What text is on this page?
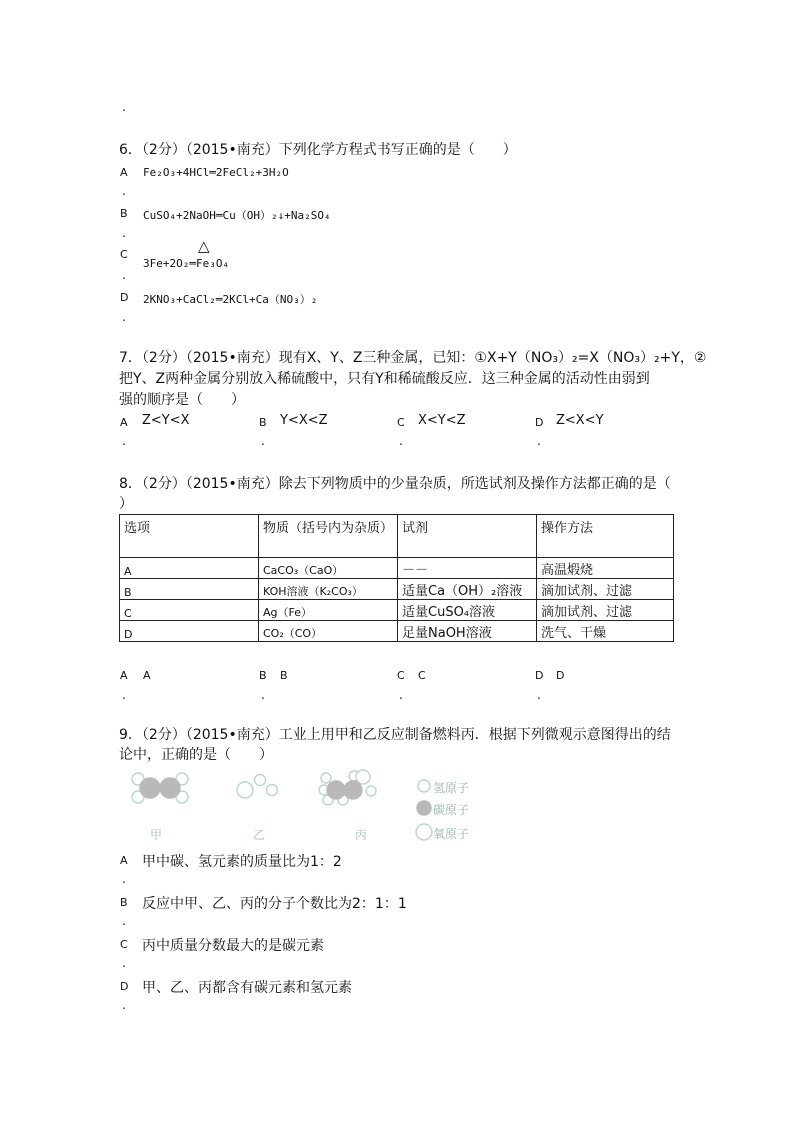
.
6．（2分）（2015•南充）下列化学方程式书写正确的是（　　）
A Fe₂O₃+4HCl═2FeCl₂+3H₂O
.
B CuSO₄+2NaOH═Cu（OH）₂↓+Na₂SO₄
.
C	△
3Fe+2O₂═Fe₃O₄
.
D 2KNO₃+CaCl₂═2KCl+Ca（NO₃）₂
.
7．（2分）（2015•南充）现有X、Y、Z三种金属，已知：①X+Y（NO₃）₂=X（NO₃）₂+Y，②
把Y、Z两种金属分别放入稀硫酸中，只有Y和稀硫酸反应．这三种金属的活动性由弱到
强的顺序是（　　）
A Z<Y<X
.
B Y<X<Z
.
C X<Y<Z
.
D Z<X<Y
.
8．（2分）（2015•南充）除去下列物质中的少量杂质，所选试剂及操作方法都正确的是（
）
选项	物质（括号内为杂质）	试剂	操作方法
A	CaCO₃（CaO）	－－	高温煅烧
B	KOH溶液（K₂CO₃）	适量Ca（OH）₂溶液	滴加试剂、过滤
C	Ag（Fe）	适量CuSO₄溶液	滴加试剂、过滤
D	CO₂（CO）	足量NaOH溶液	洗气、干燥
A A
.
B B
.
C C
.
D D
.
9．（2分）（2015•南充）工业上用甲和乙反应制备燃料丙．根据下列微观示意图得出的结
论中，正确的是（　　）
甲	乙	丙
氢原子
碳原子
氧原子
A 甲中碳、氢元素的质量比为1：2
.
B 反应中甲、乙、丙的分子个数比为2：1：1
.
C 丙中质量分数最大的是碳元素
.
D 甲、乙、丙都含有碳元素和氢元素
.
